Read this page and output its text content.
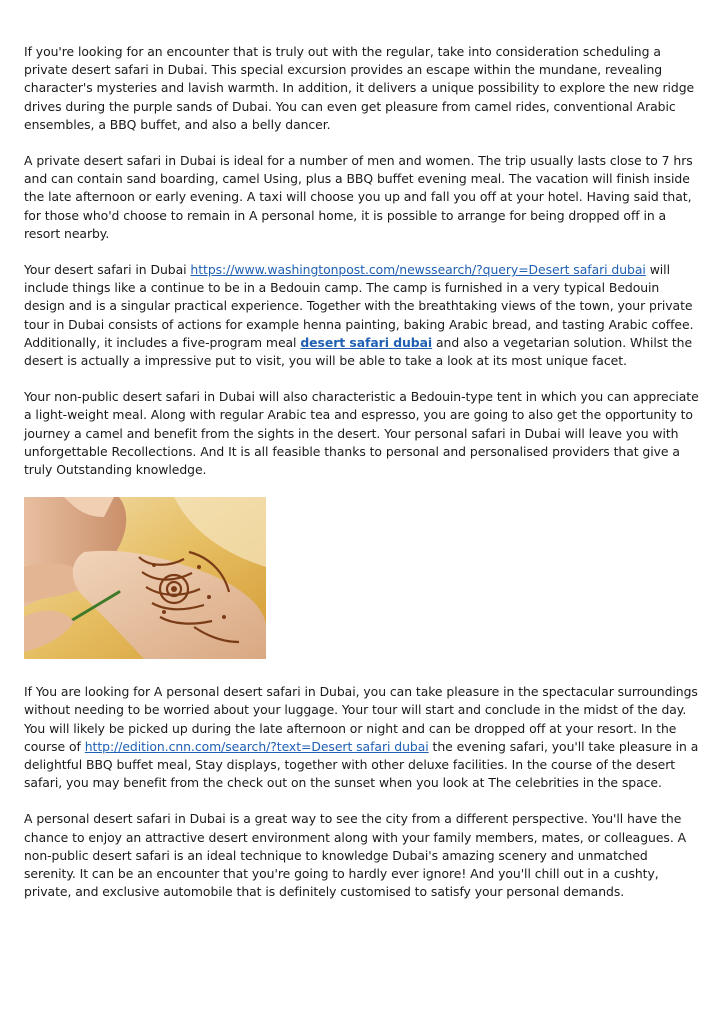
If you're looking for an encounter that is truly out with the regular, take into consideration scheduling a private desert safari in Dubai. This special excursion provides an escape within the mundane, revealing character's mysteries and lavish warmth. In addition, it delivers a unique possibility to explore the new ridge drives during the purple sands of Dubai. You can even get pleasure from camel rides, conventional Arabic ensembles, a BBQ buffet, and also a belly dancer.

A private desert safari in Dubai is ideal for a number of men and women. The trip usually lasts close to 7 hrs and can contain sand boarding, camel Using, plus a BBQ buffet evening meal. The vacation will finish inside the late afternoon or early evening. A taxi will choose you up and fall you off at your hotel. Having said that, for those who'd choose to remain in A personal home, it is possible to arrange for being dropped off in a resort nearby.

Your desert safari in Dubai https://www.washingtonpost.com/newssearch/?query=Desert safari dubai will include things like a continue to be in a Bedouin camp. The camp is furnished in a very typical Bedouin design and is a singular practical experience. Together with the breathtaking views of the town, your private tour in Dubai consists of actions for example henna painting, baking Arabic bread, and tasting Arabic coffee. Additionally, it includes a five-program meal desert safari dubai and also a vegetarian solution. Whilst the desert is actually a impressive put to visit, you will be able to take a look at its most unique facet.

Your non-public desert safari in Dubai will also characteristic a Bedouin-type tent in which you can appreciate a light-weight meal. Along with regular Arabic tea and espresso, you are going to also get the opportunity to journey a camel and benefit from the sights in the desert. Your personal safari in Dubai will leave you with unforgettable Recollections. And It is all feasible thanks to personal and personalised providers that give a truly Outstanding knowledge.

If You are looking for A personal desert safari in Dubai, you can take pleasure in the spectacular surroundings without needing to be worried about your luggage. Your tour will start and conclude in the midst of the day. You will likely be picked up during the late afternoon or night and can be dropped off at your resort. In the course of http://edition.cnn.com/search/?text=Desert safari dubai the evening safari, you'll take pleasure in a delightful BBQ buffet meal, Stay displays, together with other deluxe facilities. In the course of the desert safari, you may benefit from the check out on the sunset when you look at The celebrities in the space.

A personal desert safari in Dubai is a great way to see the city from a different perspective. You'll have the chance to enjoy an attractive desert environment along with your family members, mates, or colleagues. A non-public desert safari is an ideal technique to knowledge Dubai's amazing scenery and unmatched serenity. It can be an encounter that you're going to hardly ever ignore! And you'll chill out in a cushty, private, and exclusive automobile that is definitely customised to satisfy your personal demands.
